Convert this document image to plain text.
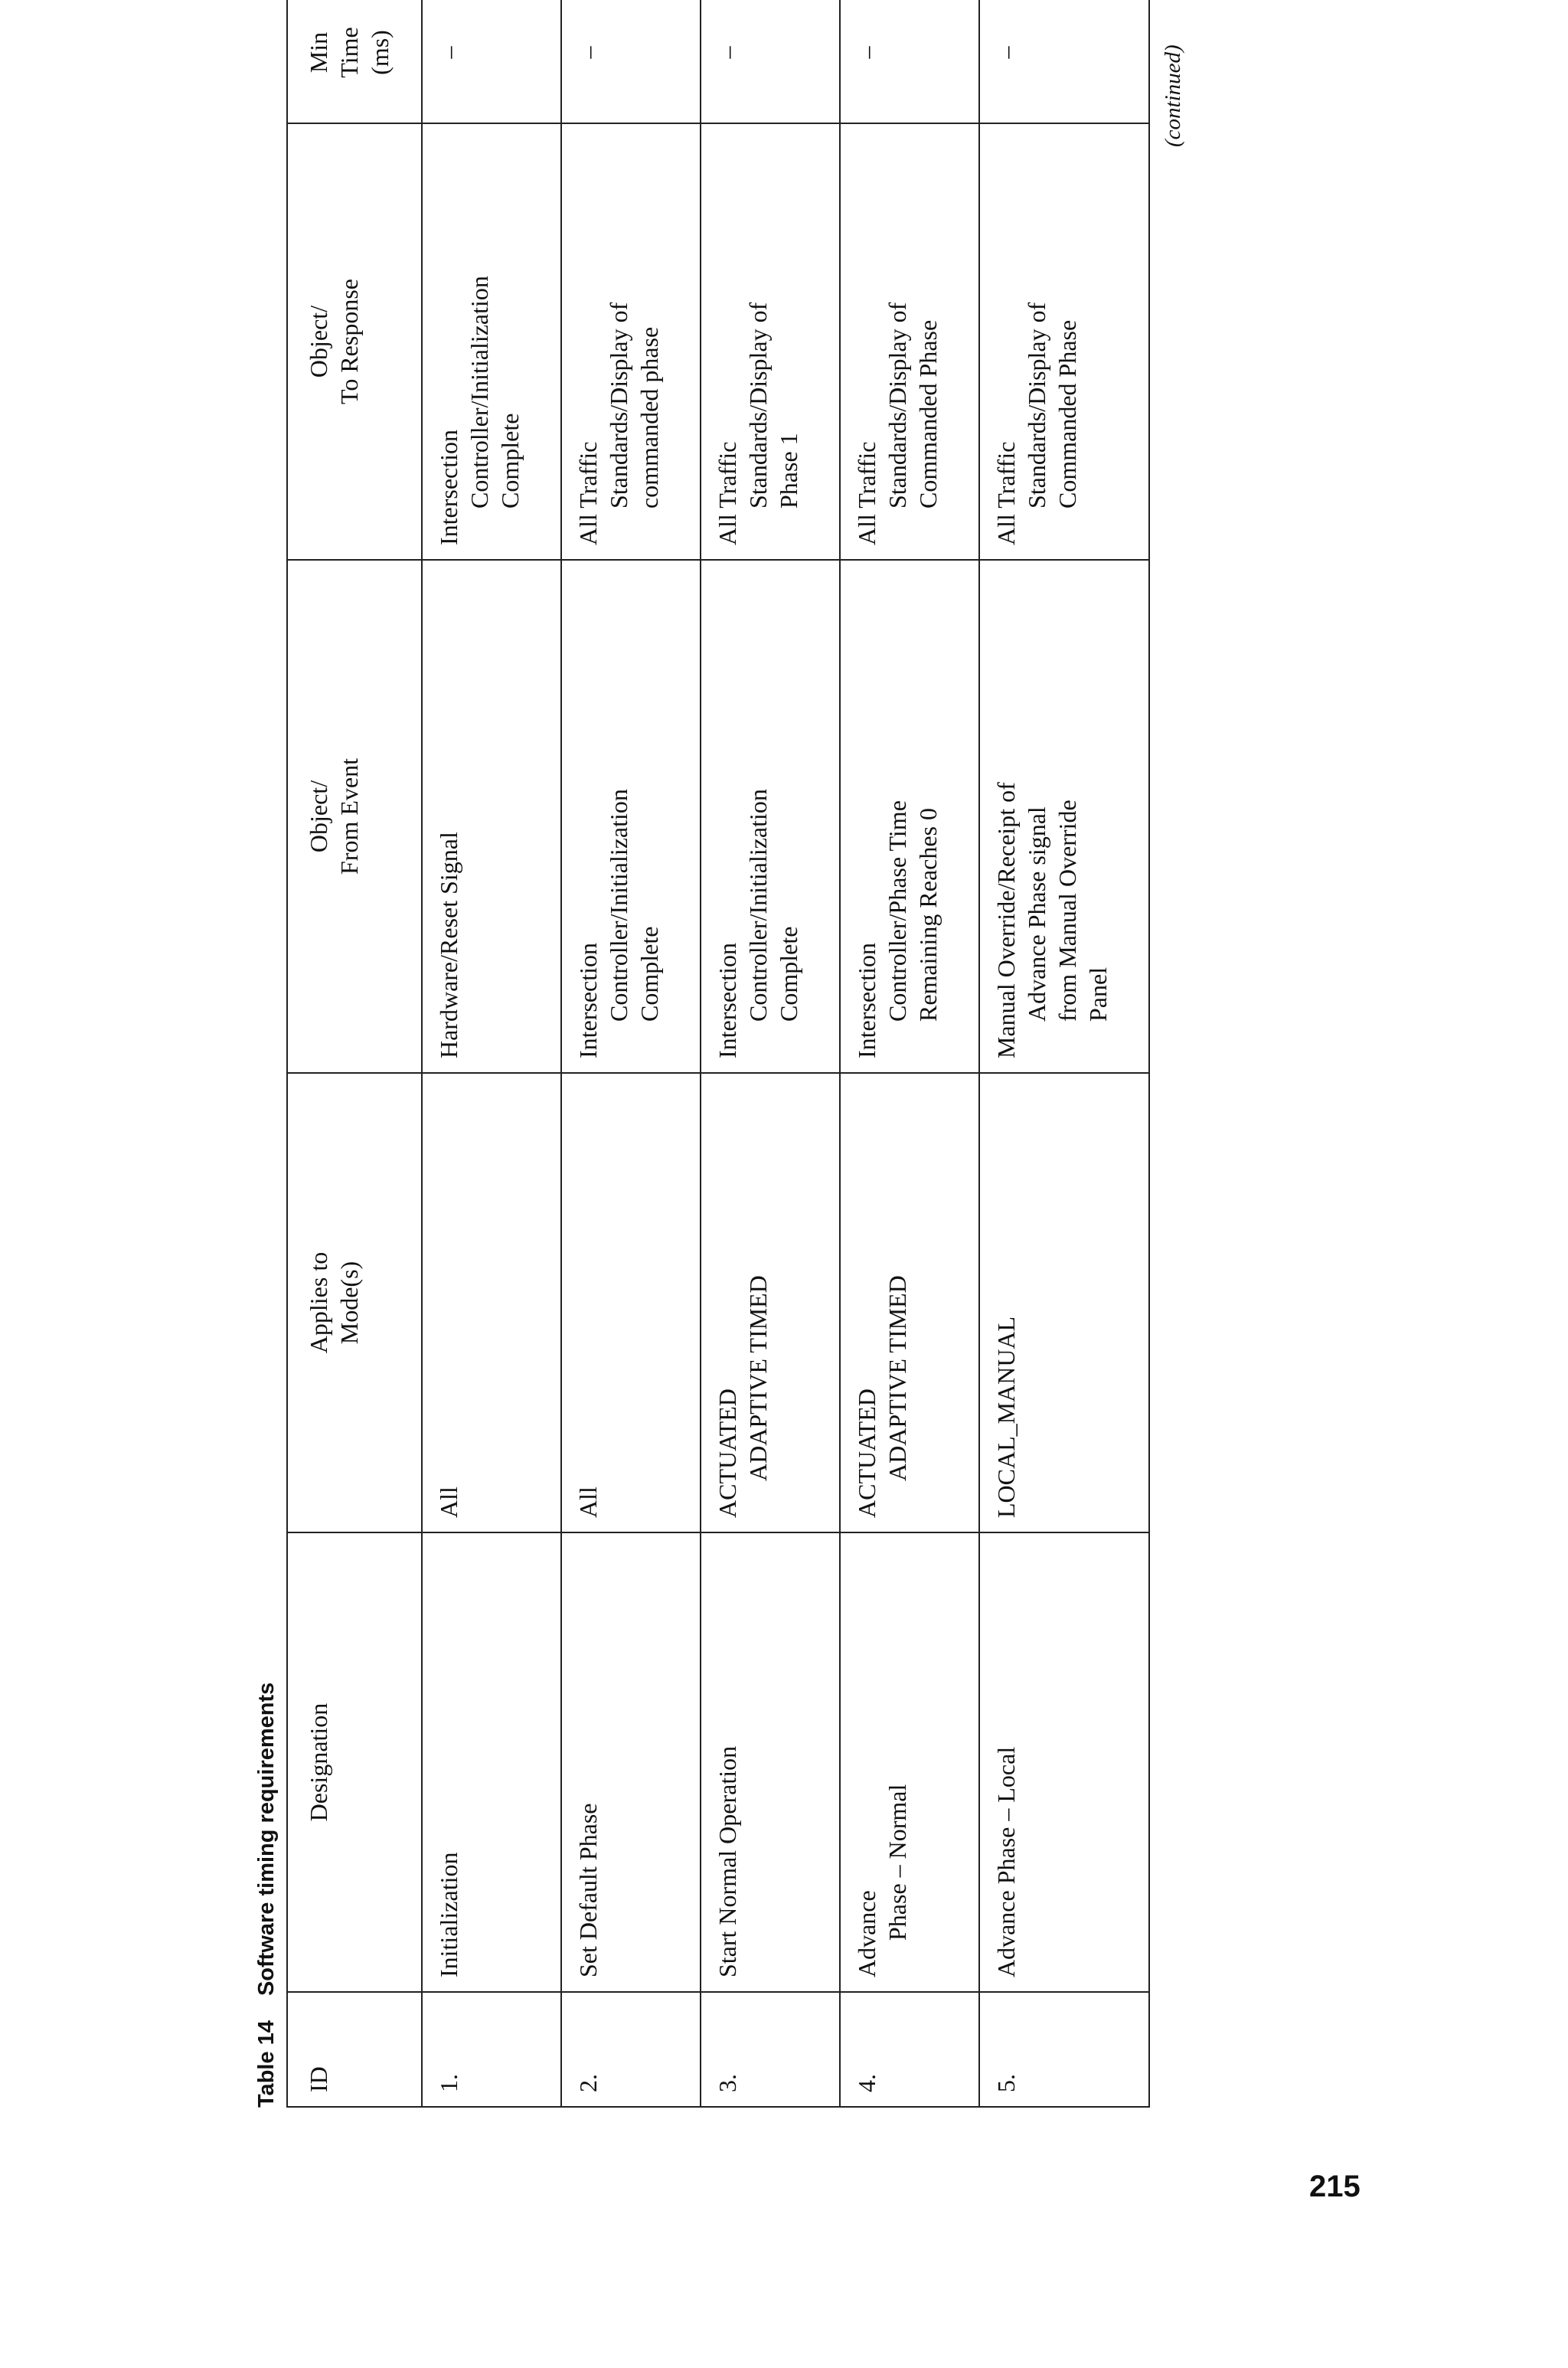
Table 14 Software timing requirements
ID	Designation	Applies to Mode(s)	Object/ From Event	Object/ To Response	Min Time (ms)

1.	Initialization	All	Hardware/Reset Signal	Intersection Controller/Initialization Complete	–	
2.	Set Default Phase	All	Intersection Controller/Initialization Complete	All Traffic Standards/Display of commanded phase	–	
3.	Start Normal Operation	ACTUATED ADAPTIVE TIMED	Intersection Controller/Initialization Complete	All Traffic Standards/Display of Phase 1	–	
4.	Advance Phase – Normal	ACTUATED ADAPTIVE TIMED	Intersection Controller/Phase Time Remaining Reaches 0	All Traffic Standards/Display of Commanded Phase	–	
5.	Advance Phase – Local	LOCAL_MANUAL	Manual Override/Receipt of Advance Phase signal from Manual Override Panel	All Traffic Standards/Display of Commanded Phase	–		(continued)
215
